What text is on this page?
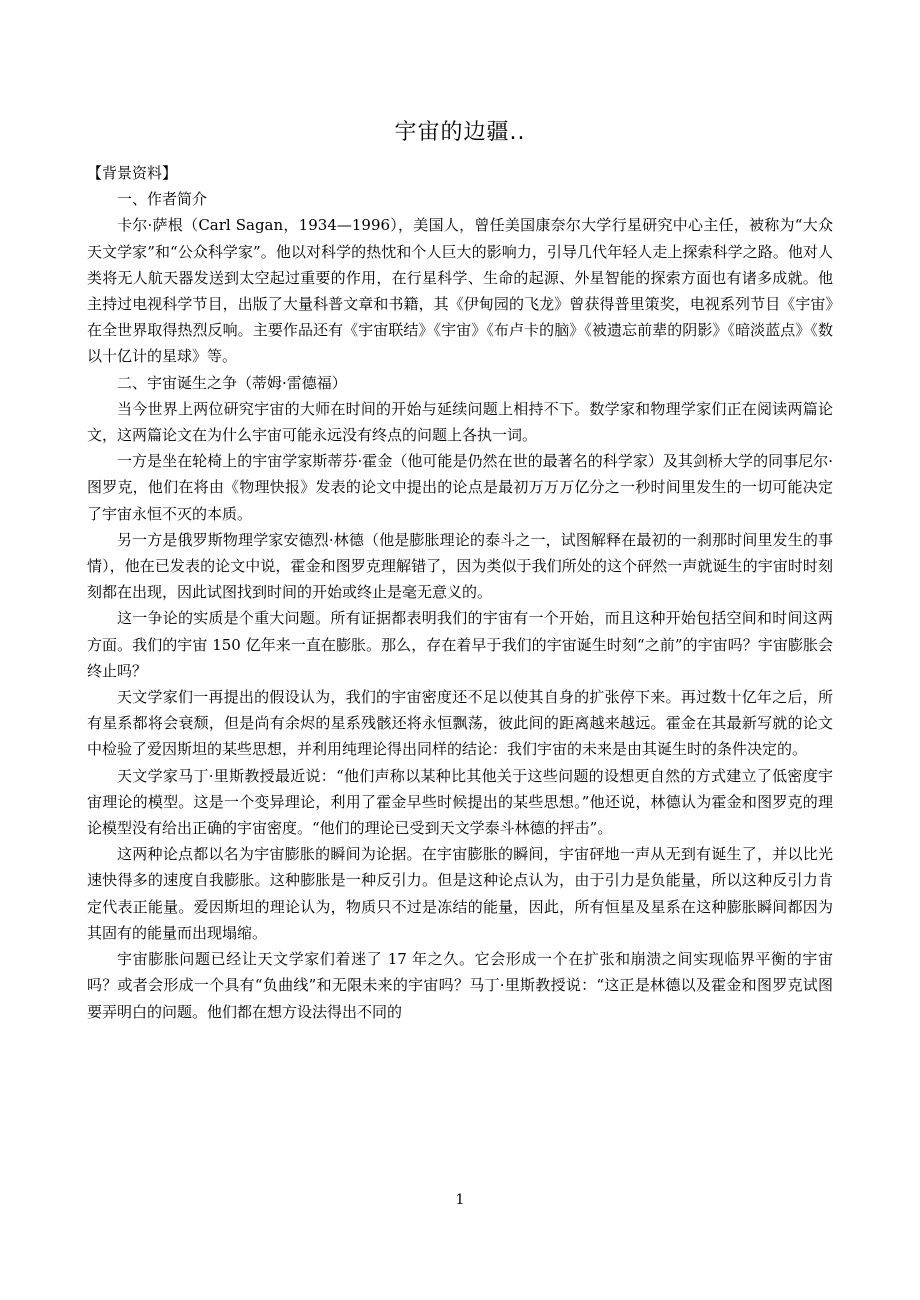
宇宙的边疆..

【背景资料】

一、作者简介

卡尔·萨根（Carl Sagan，1934—1996），美国人，曾任美国康奈尔大学行星研究中心主任，被称为“大众天文学家”和“公众科学家”。他以对科学的热忱和个人巨大的影响力，引导几代年轻人走上探索科学之路。他对人类将无人航天器发送到太空起过重要的作用，在行星科学、生命的起源、外星智能的探索方面也有诸多成就。他主持过电视科学节目，出版了大量科普文章和书籍，其《伊甸园的飞龙》曾获得普里策奖，电视系列节目《宇宙》在全世界取得热烈反响。主要作品还有《宇宙联结》《宇宙》《布卢卡的脑》《被遗忘前辈的阴影》《暗淡蓝点》《数以十亿计的星球》等。

二、宇宙诞生之争（蒂姆·雷德福）

当今世界上两位研究宇宙的大师在时间的开始与延续问题上相持不下。数学家和物理学家们正在阅读两篇论文，这两篇论文在为什么宇宙可能永远没有终点的问题上各执一词。

一方是坐在轮椅上的宇宙学家斯蒂芬·霍金（他可能是仍然在世的最著名的科学家）及其剑桥大学的同事尼尔·图罗克，他们在将由《物理快报》发表的论文中提出的论点是最初万万万亿分之一秒时间里发生的一切可能决定了宇宙永恒不灭的本质。

另一方是俄罗斯物理学家安德烈·林德（他是膨胀理论的泰斗之一，试图解释在最初的一刹那时间里发生的事情），他在已发表的论文中说，霍金和图罗克理解错了，因为类似于我们所处的这个砰然一声就诞生的宇宙时时刻刻都在出现，因此试图找到时间的开始或终止是毫无意义的。

这一争论的实质是个重大问题。所有证据都表明我们的宇宙有一个开始，而且这种开始包括空间和时间这两方面。我们的宇宙 150 亿年来一直在膨胀。那么，存在着早于我们的宇宙诞生时刻“之前”的宇宙吗？宇宙膨胀会终止吗？

天文学家们一再提出的假设认为，我们的宇宙密度还不足以使其自身的扩张停下来。再过数十亿年之后，所有星系都将会衰颓，但是尚有余烬的星系残骸还将永恒飘荡，彼此间的距离越来越远。霍金在其最新写就的论文中检验了爱因斯坦的某些思想，并利用纯理论得出同样的结论：我们宇宙的未来是由其诞生时的条件决定的。

天文学家马丁·里斯教授最近说：“他们声称以某种比其他关于这些问题的设想更自然的方式建立了低密度宇宙理论的模型。这是一个变异理论，利用了霍金早些时候提出的某些思想。”他还说，林德认为霍金和图罗克的理论模型没有给出正确的宇宙密度。“他们的理论已受到天文学泰斗林德的抨击”。

这两种论点都以名为宇宙膨胀的瞬间为论据。在宇宙膨胀的瞬间，宇宙砰地一声从无到有诞生了，并以比光速快得多的速度自我膨胀。这种膨胀是一种反引力。但是这种论点认为，由于引力是负能量，所以这种反引力肯定代表正能量。爱因斯坦的理论认为，物质只不过是冻结的能量，因此，所有恒星及星系在这种膨胀瞬间都因为其固有的能量而出现塌缩。

宇宙膨胀问题已经让天文学家们着迷了 17 年之久。它会形成一个在扩张和崩溃之间实现临界平衡的宇宙吗？或者会形成一个具有“负曲线”和无限未来的宇宙吗？马丁·里斯教授说：“这正是林德以及霍金和图罗克试图要弄明白的问题。他们都在想方设法得出不同的

1
